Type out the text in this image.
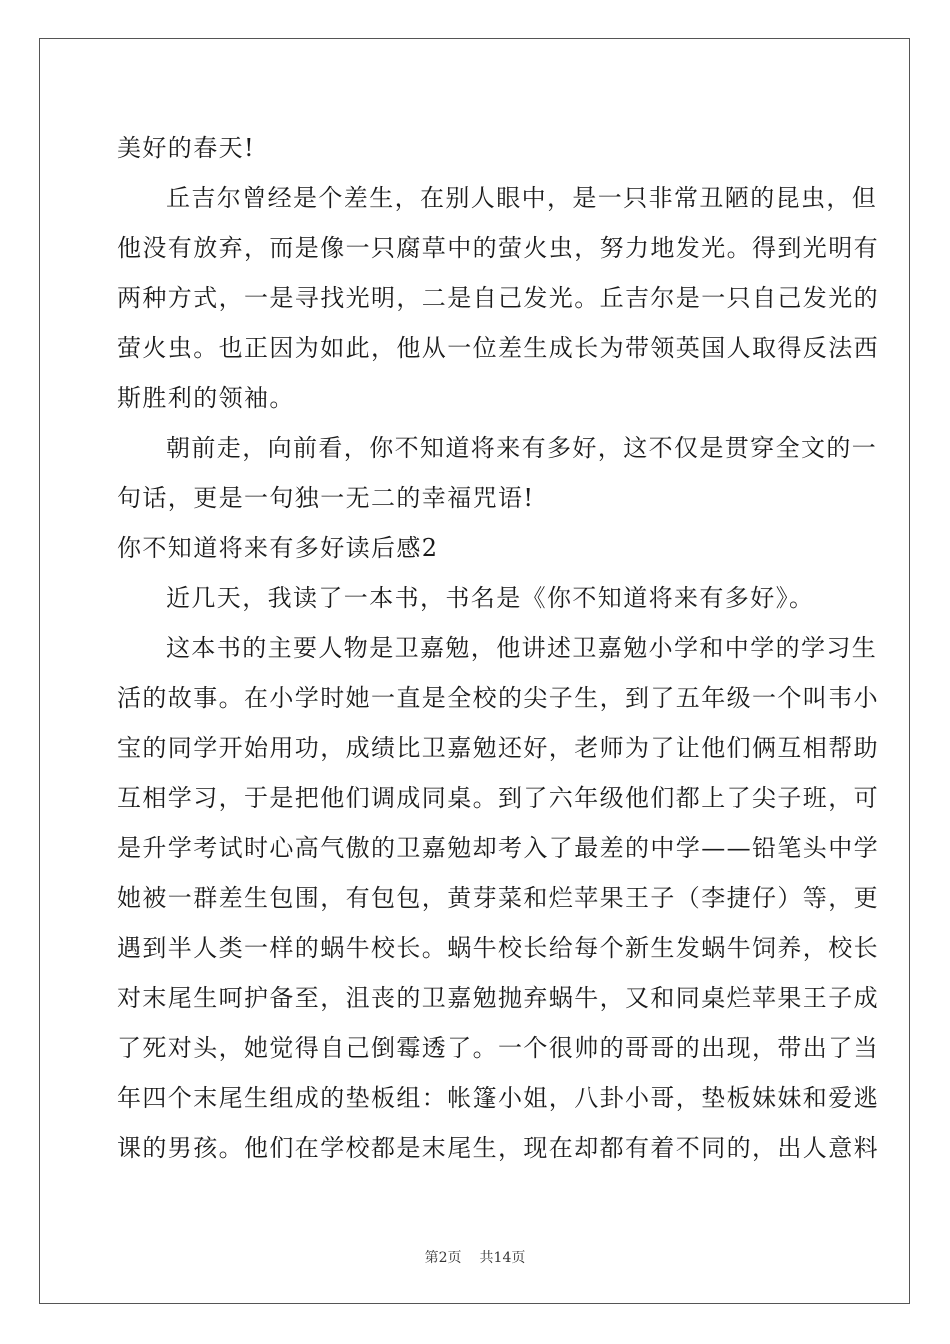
美好的春天!
丘吉尔曾经是个差生，在别人眼中，是一只非常丑陋的昆虫，但
他没有放弃，而是像一只腐草中的萤火虫，努力地发光。得到光明有
两种方式，一是寻找光明，二是自己发光。丘吉尔是一只自己发光的
萤火虫。也正因为如此，他从一位差生成长为带领英国人取得反法西
斯胜利的领袖。
朝前走，向前看，你不知道将来有多好，这不仅是贯穿全文的一
句话，更是一句独一无二的幸福咒语!
你不知道将来有多好读后感2
近几天，我读了一本书，书名是《你不知道将来有多好》。
这本书的主要人物是卫嘉勉，他讲述卫嘉勉小学和中学的学习生
活的故事。在小学时她一直是全校的尖子生，到了五年级一个叫韦小
宝的同学开始用功，成绩比卫嘉勉还好，老师为了让他们俩互相帮助
互相学习，于是把他们调成同桌。到了六年级他们都上了尖子班，可
是升学考试时心高气傲的卫嘉勉却考入了最差的中学——铅笔头中学
她被一群差生包围，有包包，黄芽菜和烂苹果王子（李捷仔）等，更
遇到半人类一样的蜗牛校长。蜗牛校长给每个新生发蜗牛饲养，校长
对末尾生呵护备至，沮丧的卫嘉勉抛弃蜗牛，又和同桌烂苹果王子成
了死对头，她觉得自己倒霉透了。一个很帅的哥哥的出现，带出了当
年四个末尾生组成的垫板组：帐篷小姐，八卦小哥，垫板妹妹和爱逃
课的男孩。他们在学校都是末尾生，现在却都有着不同的，出人意料
第2页 共14页
